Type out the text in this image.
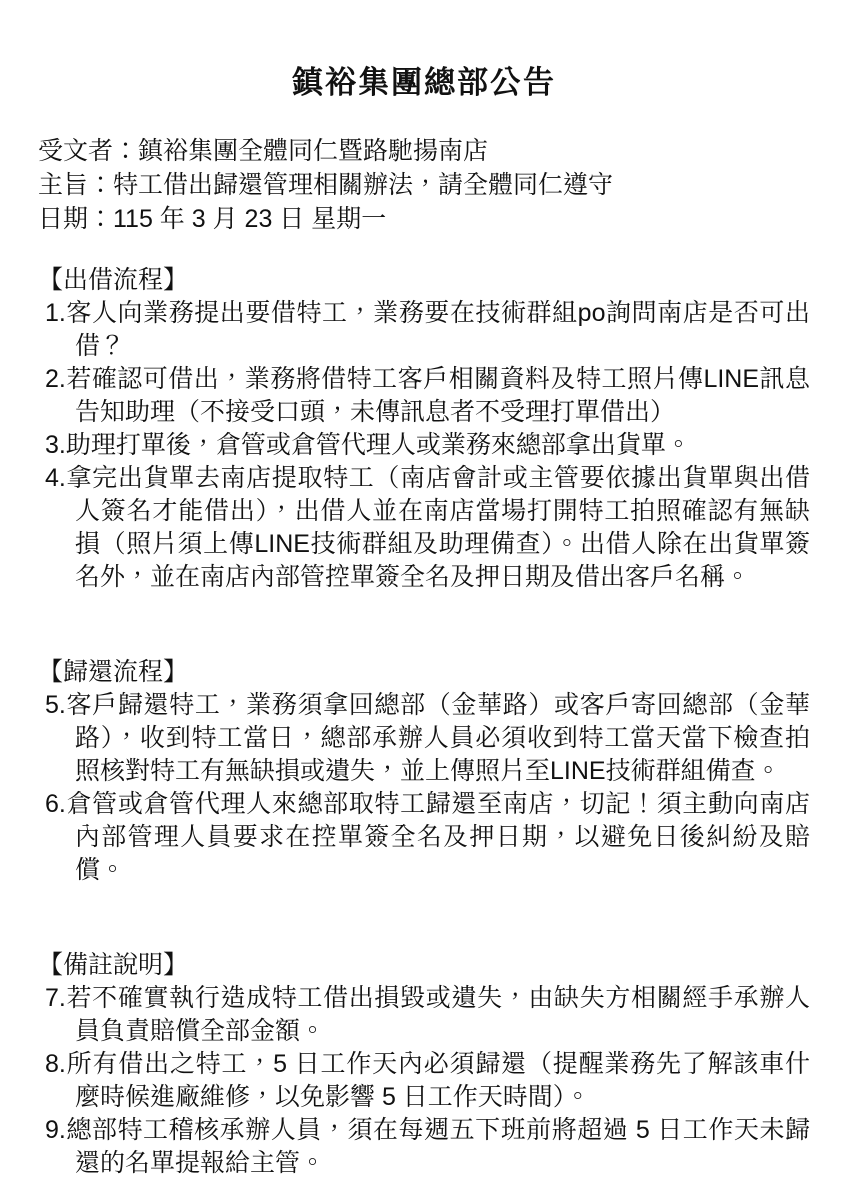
鎮裕集團總部公告
受文者：鎮裕集團全體同仁暨路馳揚南店
主旨：特工借出歸還管理相關辦法，請全體同仁遵守
日期：115 年 3 月 23 日 星期一
【出借流程】
1.客人向業務提出要借特工，業務要在技術群組po詢問南店是否可出借？
2.若確認可借出，業務將借特工客戶相關資料及特工照片傳LINE訊息告知助理（不接受口頭，未傳訊息者不受理打單借出）
3.助理打單後，倉管或倉管代理人或業務來總部拿出貨單。
4.拿完出貨單去南店提取特工（南店會計或主管要依據出貨單與出借人簽名才能借出），出借人並在南店當場打開特工拍照確認有無缺損（照片須上傳LINE技術群組及助理備查）。出借人除在出貨單簽名外，並在南店內部管控單簽全名及押日期及借出客戶名稱。
【歸還流程】
5.客戶歸還特工，業務須拿回總部（金華路）或客戶寄回總部（金華路），收到特工當日，總部承辦人員必須收到特工當天當下檢查拍照核對特工有無缺損或遺失，並上傳照片至LINE技術群組備查。
6.倉管或倉管代理人來總部取特工歸還至南店，切記！須主動向南店內部管理人員要求在控單簽全名及押日期，以避免日後糾紛及賠償。
【備註說明】
7.若不確實執行造成特工借出損毀或遺失，由缺失方相關經手承辦人員負責賠償全部金額。
8.所有借出之特工，5 日工作天內必須歸還（提醒業務先了解該車什麼時候進廠維修，以免影響 5 日工作天時間）。
9.總部特工稽核承辦人員，須在每週五下班前將超過 5 日工作天未歸還的名單提報給主管。
